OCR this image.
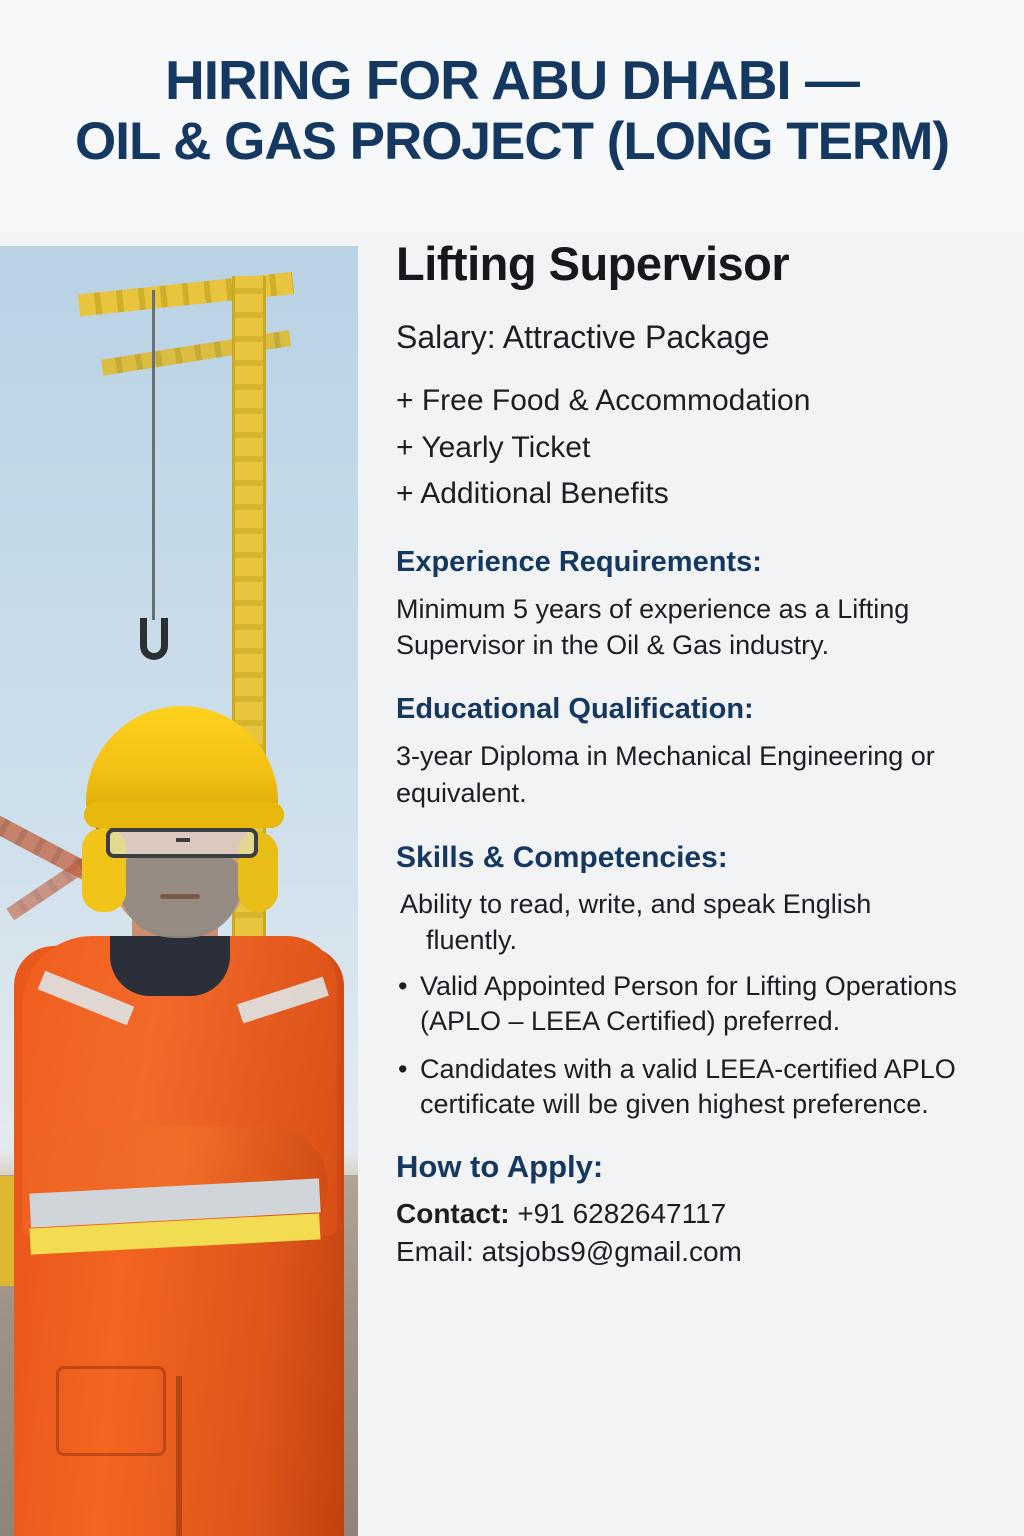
HIRING FOR ABU DHABI —
OIL & GAS PROJECT (LONG TERM)
Lifting Supervisor
Salary: Attractive Package
+ Free Food & Accommodation
+ Yearly Ticket
+ Additional Benefits
Experience Requirements:
Minimum 5 years of experience as a Lifting Supervisor in the Oil & Gas industry.
Educational Qualification:
3-year Diploma in Mechanical Engineering or equivalent.
Skills & Competencies:
Ability to read, write, and speak English
fluently.
• Valid Appointed Person for Lifting Operations (APLO – LEEA Certified) preferred.
• Candidates with a valid LEEA-certified APLO certificate will be given highest preference.
How to Apply:
Contact: +91 6282647117
Email: atsjobs9@gmail.com
